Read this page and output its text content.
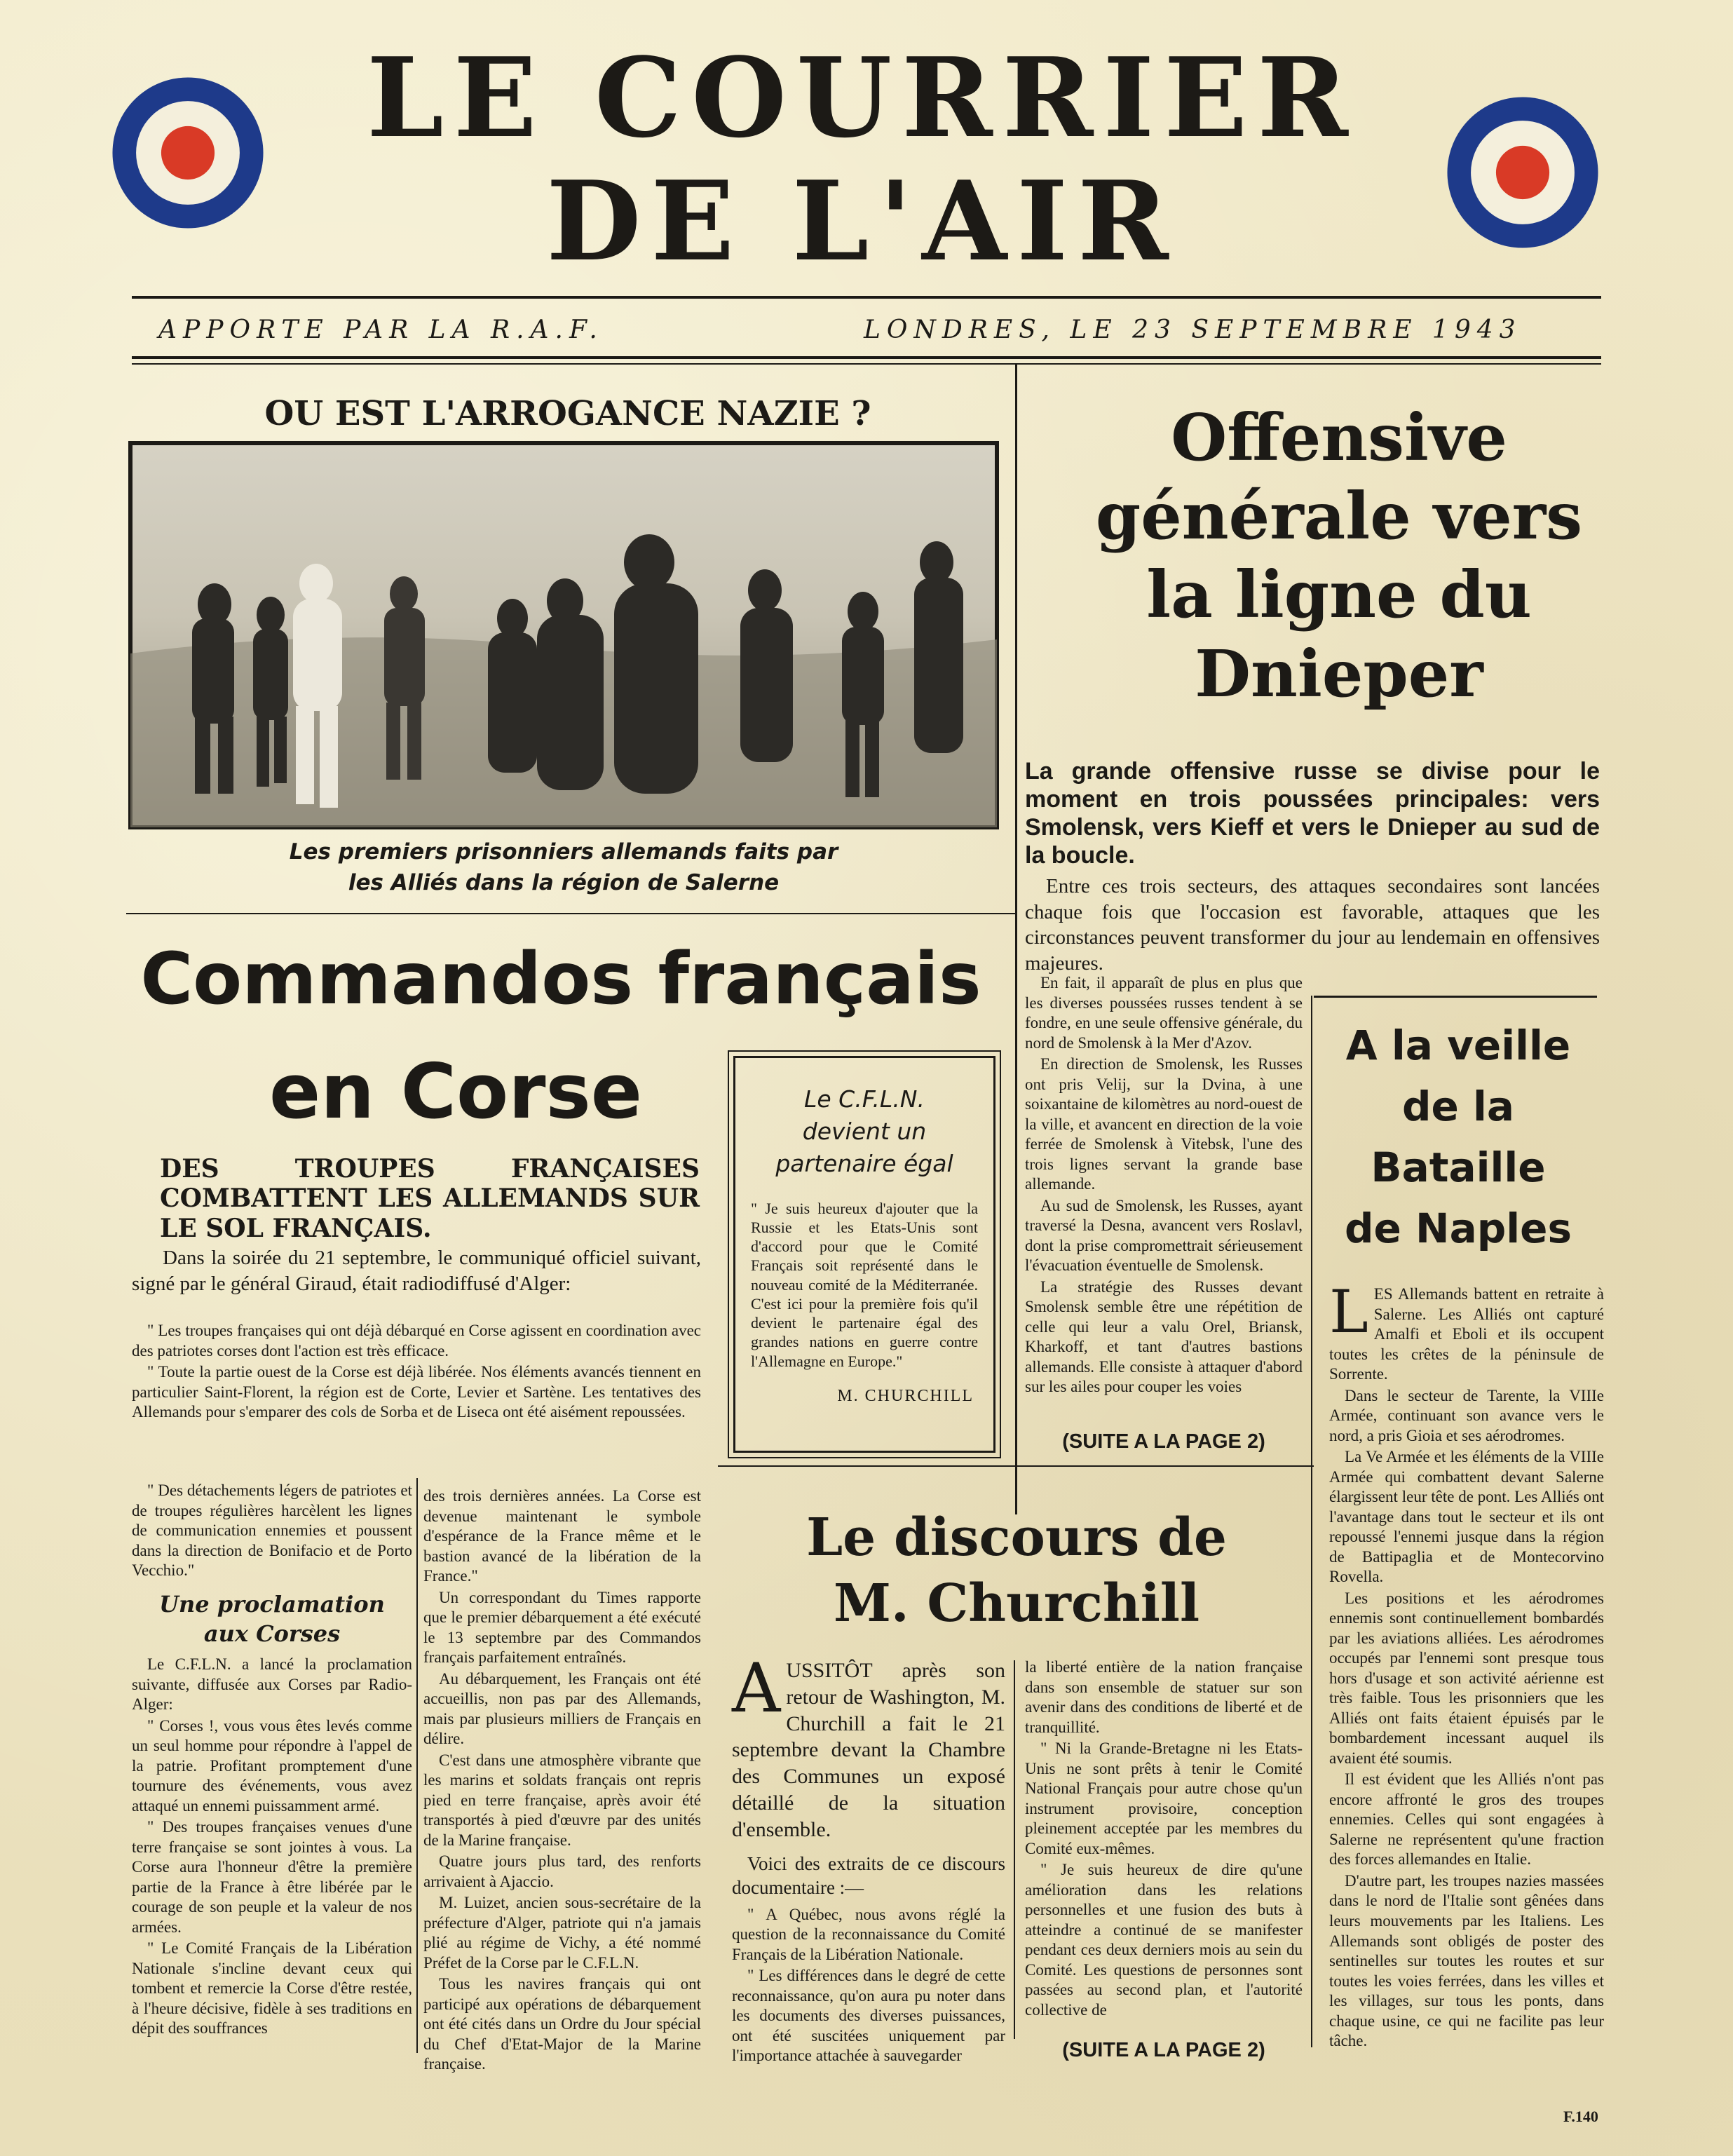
LE COURRIER
DE L'AIR
APPORTE PAR LA R.A.F.	LONDRES, LE 23 SEPTEMBRE 1943
OU EST L'ARROGANCE NAZIE ?
Les premiers prisonniers allemands faits par
les Alliés dans la région de Salerne
Offensive
générale vers
la ligne du
Dnieper
La grande offensive russe se divise pour le moment en trois poussées principales: vers Smolensk, vers Kieff et vers le Dnieper au sud de la boucle.
Entre ces trois secteurs, des attaques secondaires sont lancées chaque fois que l'occasion est favorable, attaques que les circonstances peuvent transformer du jour au lendemain en offensives majeures.

En fait, il apparaît de plus en plus que les diverses poussées russes tendent à se fondre, en une seule offensive générale, du nord de Smolensk à la Mer d'Azov.

En direction de Smolensk, les Russes ont pris Velij, sur la Dvina, à une soixantaine de kilomètres au nord-ouest de la ville, et avancent en direction de la voie ferrée de Smolensk à Vitebsk, l'une des trois lignes servant la grande base allemande.

Au sud de Smolensk, les Russes, ayant traversé la Desna, avancent vers Roslavl, dont la prise compromettrait sérieusement l'évacuation éventuelle de Smolensk.

La stratégie des Russes devant Smolensk semble être une répétition de celle qui leur a valu Orel, Briansk, Kharkoff, et tant d'autres bastions allemands. Elle consiste à attaquer d'abord sur les ailes pour couper les voies

(SUITE A LA PAGE 2)
A la veille
de la
Bataille
de Naples

LES Allemands battent en retraite à Salerne. Les Alliés ont capturé Amalfi et Eboli et ils occupent toutes les crêtes de la péninsule de Sorrente.

Dans le secteur de Tarente, la VIIIe Armée, continuant son avance vers le nord, a pris Gioia et ses aérodromes.

La Ve Armée et les éléments de la VIIIe Armée qui combattent devant Salerne élargissent leur tête de pont. Les Alliés ont l'avantage dans tout le secteur et ils ont repoussé l'ennemi jusque dans la région de Battipaglia et de Montecorvino Rovella.

Les positions et les aérodromes ennemis sont continuellement bombardés par les aviations alliées. Les aérodromes occupés par l'ennemi sont presque tous hors d'usage et son activité aérienne est très faible. Tous les prisonniers que les Alliés ont faits étaient épuisés par le bombardement incessant auquel ils avaient été soumis.

Il est évident que les Alliés n'ont pas encore affronté le gros des troupes ennemies. Celles qui sont engagées à Salerne ne représentent qu'une fraction des forces allemandes en Italie.

D'autre part, les troupes nazies massées dans le nord de l'Italie sont gênées dans leurs mouvements par les Italiens. Les Allemands sont obligés de poster des sentinelles sur toutes les routes et sur toutes les voies ferrées, dans les villes et les villages, sur tous les ponts, dans chaque usine, ce qui ne facilite pas leur tâche.

Commandos français
en Corse
DES TROUPES FRANÇAISES COMBATTENT LES ALLEMANDS SUR LE SOL FRANÇAIS.
Dans la soirée du 21 septembre, le communiqué officiel suivant, signé par le général Giraud, était radiodiffusé d'Alger:

" Les troupes françaises qui ont déjà débarqué en Corse agissent en coordination avec des patriotes corses dont l'action est très efficace.

" Toute la partie ouest de la Corse est déjà libérée. Nos éléments avancés tiennent en particulier Saint-Florent, la région est de Corte, Levier et Sartène. Les tentatives des Allemands pour s'emparer des cols de Sorba et de Liseca ont été aisément repoussées.

" Des détachements légers de patriotes et de troupes régulières harcèlent les lignes de communication ennemies et poussent dans la direction de Bonifacio et de Porto Vecchio."

Une proclamation
aux Corses

Le C.F.L.N. a lancé la proclamation suivante, diffusée aux Corses par Radio-Alger:

" Corses !, vous vous êtes levés comme un seul homme pour répondre à l'appel de la patrie. Profitant promptement d'une tournure des événements, vous avez attaqué un ennemi puissamment armé.

" Des troupes françaises venues d'une terre française se sont jointes à vous. La Corse aura l'honneur d'être la première partie de la France à être libérée par le courage de son peuple et la valeur de nos armées.

" Le Comité Français de la Libération Nationale s'incline devant ceux qui tombent et remercie la Corse d'être restée, à l'heure décisive, fidèle à ses traditions en dépit des souffrances

des trois dernières années. La Corse est devenue maintenant le symbole d'espérance de la France même et le bastion avancé de la libération de la France."

Un correspondant du Times rapporte que le premier débarquement a été exécuté le 13 septembre par des Commandos français parfaitement entraînés.

Au débarquement, les Français ont été accueillis, non pas par des Allemands, mais par plusieurs milliers de Français en délire.

C'est dans une atmosphère vibrante que les marins et soldats français ont repris pied en terre française, après avoir été transportés à pied d'œuvre par des unités de la Marine française.

Quatre jours plus tard, des renforts arrivaient à Ajaccio.

M. Luizet, ancien sous-secrétaire de la préfecture d'Alger, patriote qui n'a jamais plié au régime de Vichy, a été nommé Préfet de la Corse par le C.F.L.N.

Tous les navires français qui ont participé aux opérations de débarquement ont été cités dans un Ordre du Jour spécial du Chef d'Etat-Major de la Marine française.

Le C.F.L.N.
devient un
partenaire égal
" Je suis heureux d'ajouter que la Russie et les Etats-Unis sont d'accord pour que le Comité Français soit représenté dans le nouveau comité de la Méditerranée. C'est ici pour la première fois qu'il devient le partenaire égal des grandes nations en guerre contre l'Allemagne en Europe."
M. CHURCHILL
Le discours de
M. Churchill
AUSSITÔT après son retour de Washington, M. Churchill a fait le 21 septembre devant la Chambre des Communes un exposé détaillé de la situation d'ensemble.
Voici des extraits de ce discours documentaire :—

" A Québec, nous avons réglé la question de la reconnaissance du Comité Français de la Libération Nationale.

" Les différences dans le degré de cette reconnaissance, qu'on aura pu noter dans les documents des diverses puissances, ont été suscitées uniquement par l'importance attachée à sauvegarder

la liberté entière de la nation française dans son ensemble de statuer sur son avenir dans des conditions de liberté et de tranquillité.

" Ni la Grande-Bretagne ni les Etats-Unis ne sont prêts à tenir le Comité National Français pour autre chose qu'un instrument provisoire, conception pleinement acceptée par les membres du Comité eux-mêmes.

" Je suis heureux de dire qu'une amélioration dans les relations personnelles et une fusion des buts à atteindre a continué de se manifester pendant ces deux derniers mois au sein du Comité. Les questions de personnes sont passées au second plan, et l'autorité collective de

(SUITE A LA PAGE 2)
F.140
